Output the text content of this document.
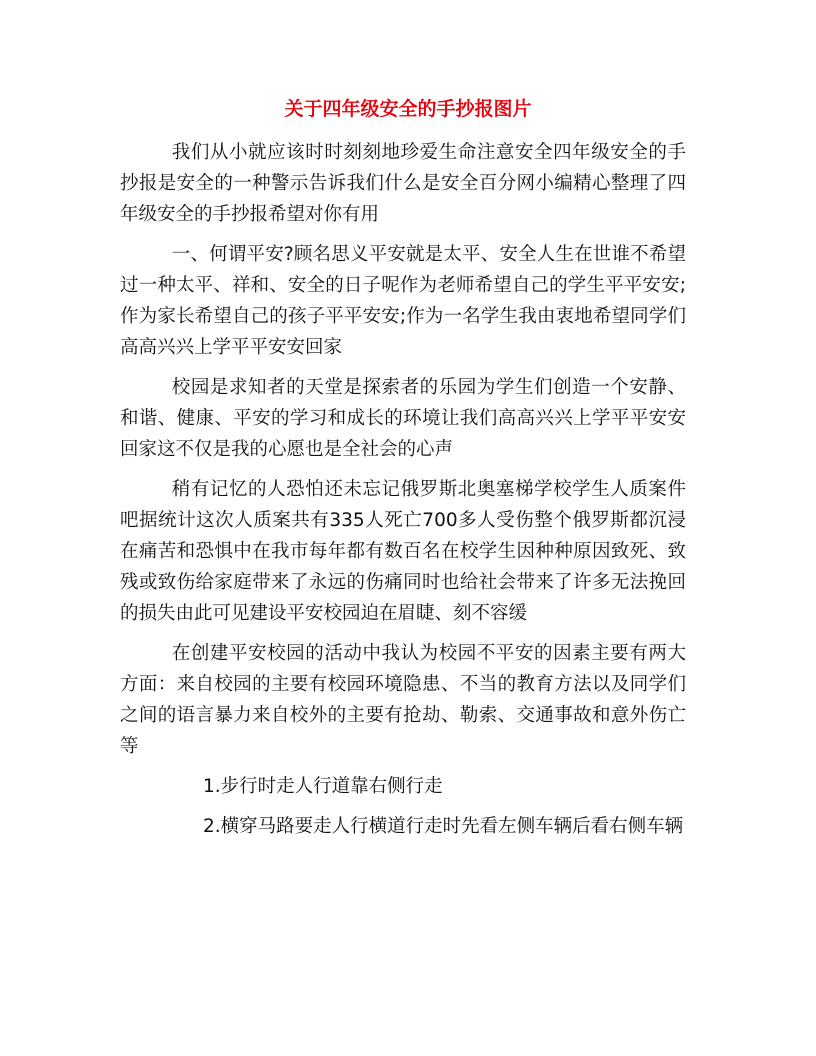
关于四年级安全的手抄报图片

我们从小就应该时时刻刻地珍爱生命注意安全四年级安全的手抄报是安全的一种警示告诉我们什么是安全百分网小编精心整理了四年级安全的手抄报希望对你有用

一、何谓平安?顾名思义平安就是太平、安全人生在世谁不希望过一种太平、祥和、安全的日子呢作为老师希望自己的学生平平安安;作为家长希望自己的孩子平平安安;作为一名学生我由衷地希望同学们高高兴兴上学平平安安回家

校园是求知者的天堂是探索者的乐园为学生们创造一个安静、和谐、健康、平安的学习和成长的环境让我们高高兴兴上学平平安安回家这不仅是我的心愿也是全社会的心声

稍有记忆的人恐怕还未忘记俄罗斯北奥塞梯学校学生人质案件吧据统计这次人质案共有335人死亡700多人受伤整个俄罗斯都沉浸在痛苦和恐惧中在我市每年都有数百名在校学生因种种原因致死、致残或致伤给家庭带来了永远的伤痛同时也给社会带来了许多无法挽回的损失由此可见建设平安校园迫在眉睫、刻不容缓

在创建平安校园的活动中我认为校园不平安的因素主要有两大方面：来自校园的主要有校园环境隐患、不当的教育方法以及同学们之间的语言暴力来自校外的主要有抢劫、勒索、交通事故和意外伤亡等

1.步行时走人行道靠右侧行走

2.横穿马路要走人行横道行走时先看左侧车辆后看右侧车辆
